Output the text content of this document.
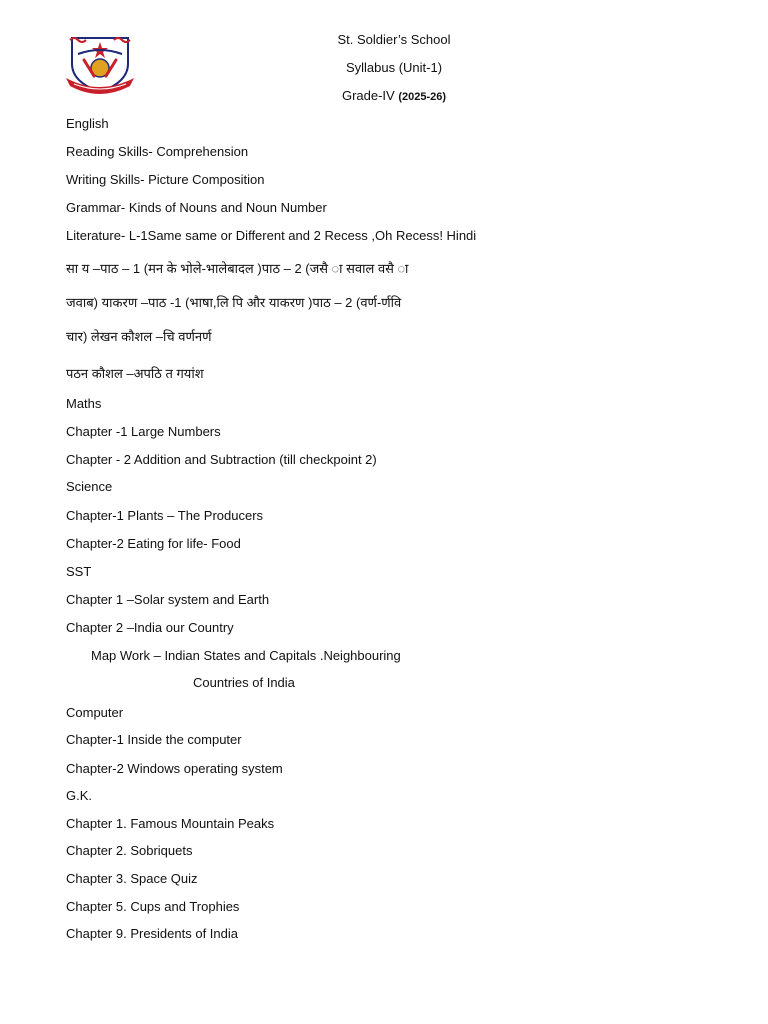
St. Soldier’s School
Syllabus (Unit-1)
Grade-IV (2025-26)
English
Reading Skills- Comprehension
Writing Skills- Picture Composition
Grammar- Kinds of Nouns and Noun Number
Literature- L-1Same same or Different and 2 Recess ,Oh Recess! Hindi
सा य –पाठ – 1 (मन के भोले-भालेबादल )पाठ – 2 (जसै ा सवाल वसै ा
जवाब) याकरण –पाठ -1 (भाषा,लि पि और याकरण )पाठ – 2 (वर्ण-र्णवि
चार) लेखन कौशल –चि वर्णनर्ण
पठन कौशल –अपठि त गयांश
Maths
Chapter -1 Large Numbers
Chapter - 2 Addition and Subtraction (till checkpoint 2)
Science
Chapter-1 Plants – The Producers
Chapter-2 Eating for life- Food
SST
Chapter 1 –Solar system and Earth
Chapter 2 –India our Country
Map Work – Indian States and Capitals .Neighbouring
Countries of India
Computer
Chapter-1 Inside the computer
Chapter-2 Windows operating system
G.K.
Chapter 1. Famous Mountain Peaks
Chapter 2. Sobriquets
Chapter 3. Space Quiz
Chapter 5. Cups and Trophies
Chapter 9. Presidents of India
